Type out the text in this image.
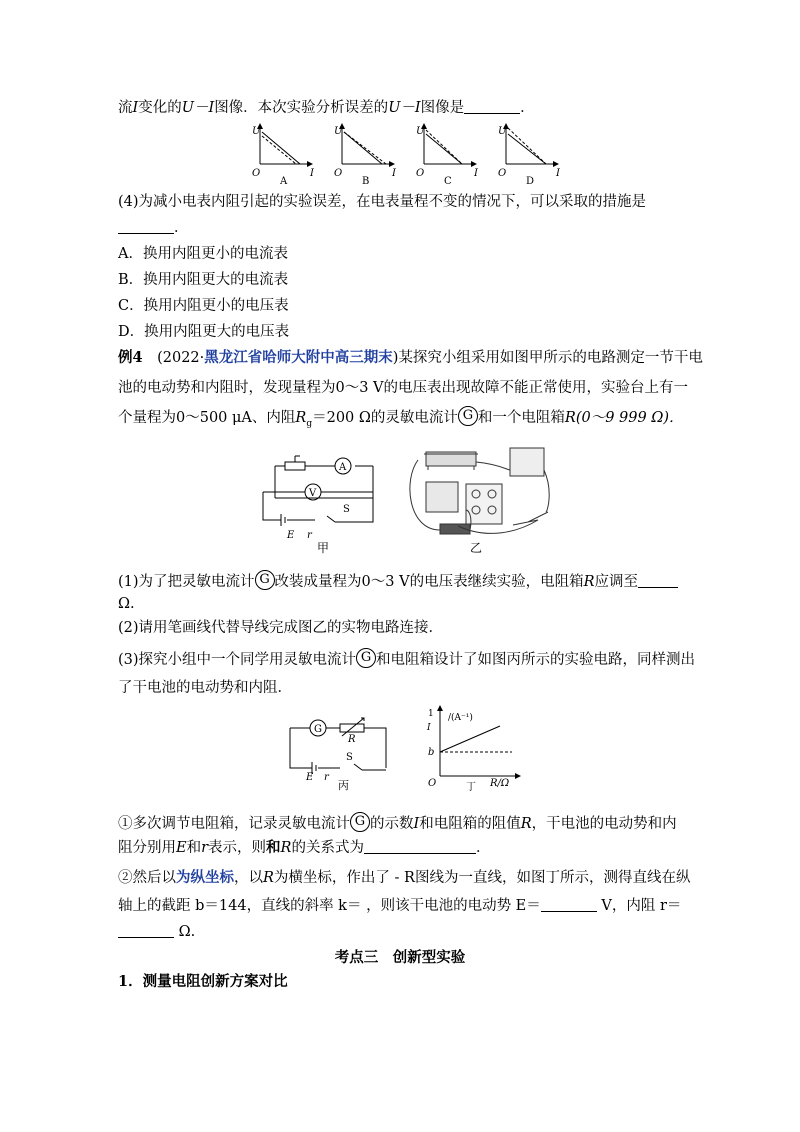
流I变化的U－I图像．本次实验分析误差的U－I图像是	．
U
O	I
A
U
O	I
B
U
O	I
C
U
O	I
D
(4)为减小电表内阻引起的实验误差，在电表量程不变的情况下，可以采取的措施是
．
A．换用内阻更小的电流表
B．换用内阻更大的电流表
C．换用内阻更小的电压表
D．换用内阻更大的电压表
例4　 (2022·黑龙江省哈师大附中高三期末)某探究小组采用如图甲所示的电路测定一节干电
池的电动势和内阻时，发现量程为0～3 V的电压表出现故障不能正常使用，实验台上有一
个量程为0～500 μA、内阻$R_g=200$ Ω的灵敏电流计 G 和一个电阻箱R(0～9 999 Ω)．
A
V
S
E r
甲	乙
(1)为了把灵敏电流计 G 改装成量程为0～3 V的电压表继续实验，电阻箱R应调至
Ω.
(2)请用笔画线代替导线完成图乙的实物电路连接．
(3)探究小组中一个同学用灵敏电流计 G 和电阻箱设计了如图丙所示的实验电路，同样测出
了干电池的电动势和内阻．
G
R
S
E r
丙
1
I
/(A⁻¹)
b
O	R/Ω
丁
①多次调节电阻箱，记录灵敏电流计 G 的示数I和电阻箱的阻值R，干电池的电动势和内
阻分别用E和r表示，则和R的关系式为	．
②然后以为纵坐标，以R为横坐标，作出了 - R图线为一直线，如图丁所示，测得直线在纵
轴上的截距 b＝144，直线的斜率 k＝ ，则该干电池的电动势 E＝	V，内阻 r＝
Ω.
考点三　创新型实验
1．测量电阻创新方案对比
